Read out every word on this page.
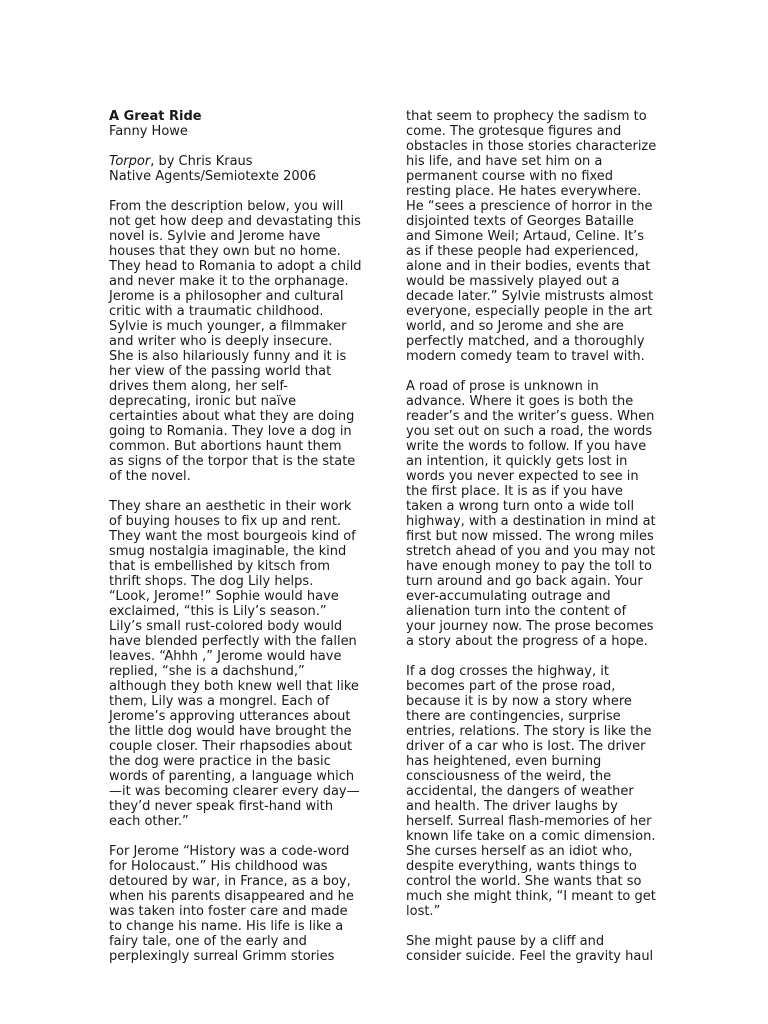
A Great Ride
Fanny Howe
Torpor, by Chris Kraus
Native Agents/Semiotexte 2006
From the description below, you will
not get how deep and devastating this
novel is. Sylvie and Jerome have
houses that they own but no home.
They head to Romania to adopt a child
and never make it to the orphanage.
Jerome is a philosopher and cultural
critic with a traumatic childhood.
Sylvie is much younger, a filmmaker
and writer who is deeply insecure.
She is also hilariously funny and it is
her view of the passing world that
drives them along, her self-
deprecating, ironic but naïve
certainties about what they are doing
going to Romania. They love a dog in
common. But abortions haunt them
as signs of the torpor that is the state
of the novel.
They share an aesthetic in their work
of buying houses to fix up and rent.
They want the most bourgeois kind of
smug nostalgia imaginable, the kind
that is embellished by kitsch from
thrift shops. The dog Lily helps.
“Look, Jerome!” Sophie would have
exclaimed, “this is Lily’s season.”
Lily’s small rust-colored body would
have blended perfectly with the fallen
leaves. “Ahhh ,” Jerome would have
replied, “she is a dachshund,”
although they both knew well that like
them, Lily was a mongrel. Each of
Jerome’s approving utterances about
the little dog would have brought the
couple closer. Their rhapsodies about
the dog were practice in the basic
words of parenting, a language which
—it was becoming clearer every day—
they’d never speak first-hand with
each other.”
For Jerome “History was a code-word
for Holocaust.” His childhood was
detoured by war, in France, as a boy,
when his parents disappeared and he
was taken into foster care and made
to change his name. His life is like a
fairy tale, one of the early and
perplexingly surreal Grimm stories
that seem to prophecy the sadism to
come. The grotesque figures and
obstacles in those stories characterize
his life, and have set him on a
permanent course with no fixed
resting place. He hates everywhere.
He “sees a prescience of horror in the
disjointed texts of Georges Bataille
and Simone Weil; Artaud, Celine. It’s
as if these people had experienced,
alone and in their bodies, events that
would be massively played out a
decade later.” Sylvie mistrusts almost
everyone, especially people in the art
world, and so Jerome and she are
perfectly matched, and a thoroughly
modern comedy team to travel with.
A road of prose is unknown in
advance. Where it goes is both the
reader’s and the writer’s guess. When
you set out on such a road, the words
write the words to follow. If you have
an intention, it quickly gets lost in
words you never expected to see in
the first place. It is as if you have
taken a wrong turn onto a wide toll
highway, with a destination in mind at
first but now missed. The wrong miles
stretch ahead of you and you may not
have enough money to pay the toll to
turn around and go back again. Your
ever-accumulating outrage and
alienation turn into the content of
your journey now. The prose becomes
a story about the progress of a hope.
If a dog crosses the highway, it
becomes part of the prose road,
because it is by now a story where
there are contingencies, surprise
entries, relations. The story is like the
driver of a car who is lost. The driver
has heightened, even burning
consciousness of the weird, the
accidental, the dangers of weather
and health. The driver laughs by
herself. Surreal flash-memories of her
known life take on a comic dimension.
She curses herself as an idiot who,
despite everything, wants things to
control the world. She wants that so
much she might think, “I meant to get
lost.”
She might pause by a cliff and
consider suicide. Feel the gravity haul
